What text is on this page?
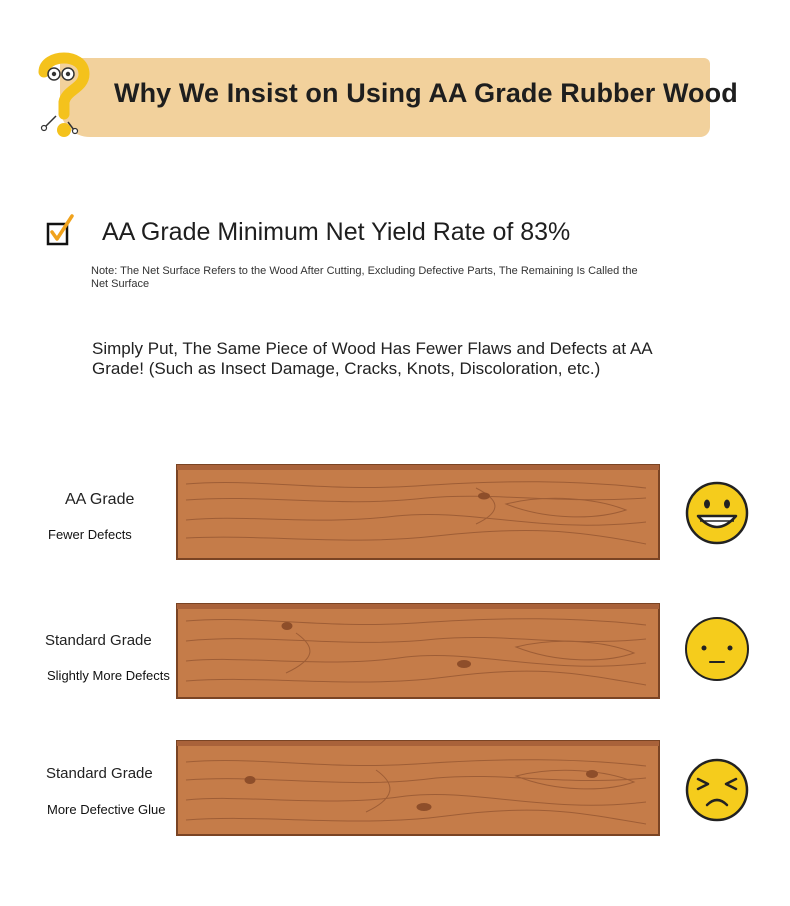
Why We Insist on Using AA Grade Rubber Wood
AA Grade Minimum Net Yield Rate of 83%
Note: The Net Surface Refers to the Wood After Cutting, Excluding Defective Parts, The Remaining Is Called the Net Surface
Simply Put, The Same Piece of Wood Has Fewer Flaws and Defects at AA Grade! (Such as Insect Damage, Cracks, Knots, Discoloration, etc.)
AA Grade
Fewer Defects
Standard Grade
Slightly More Defects
Standard Grade
More Defective Glue
